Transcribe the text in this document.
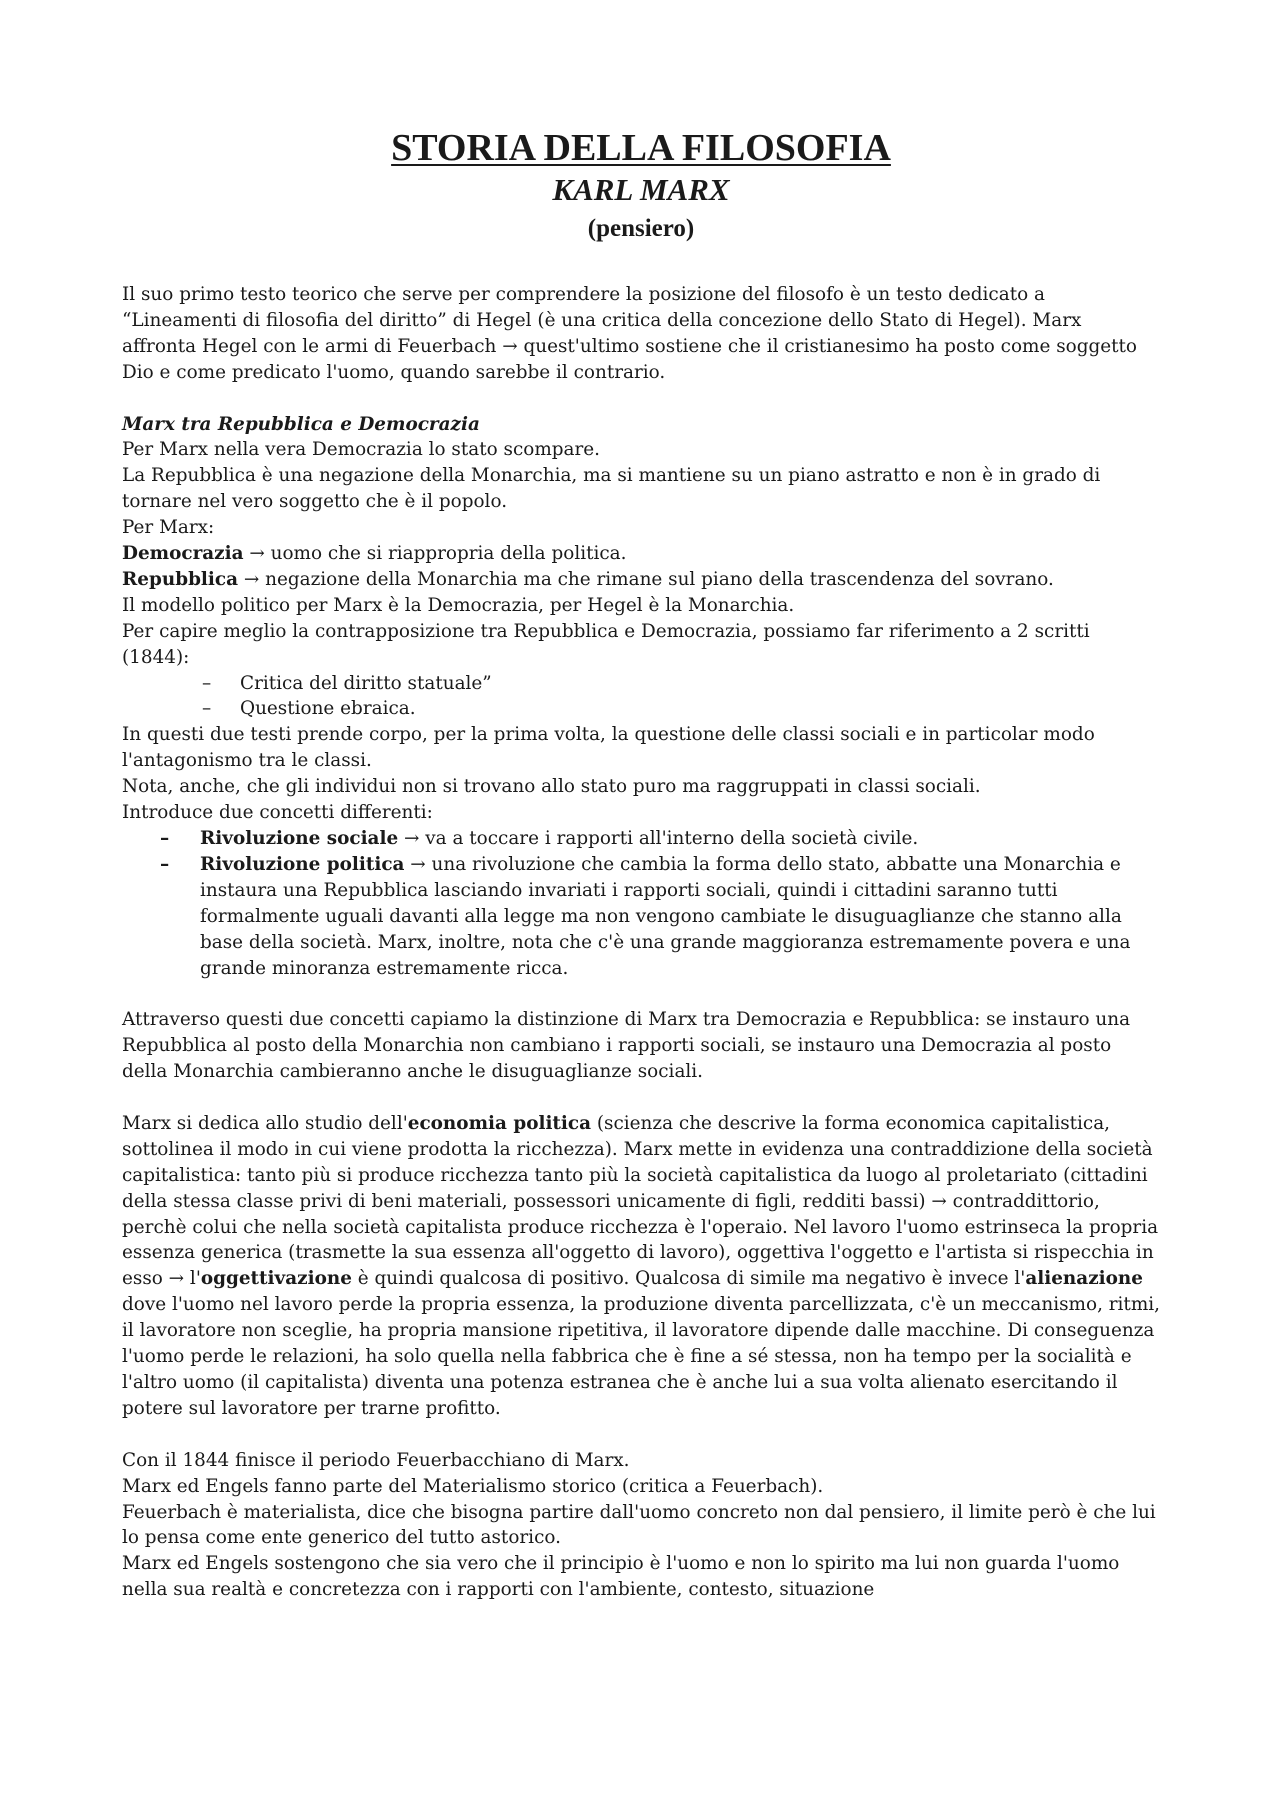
STORIA DELLA FILOSOFIA
KARL MARX
(pensiero)

Il suo primo testo teorico che serve per comprendere la posizione del filosofo è un testo dedicato a “Lineamenti di filosofia del diritto” di Hegel (è una critica della concezione dello Stato di Hegel). Marx affronta Hegel con le armi di Feuerbach → quest'ultimo sostiene che il cristianesimo ha posto come soggetto Dio e come predicato l'uomo, quando sarebbe il contrario.

Marx tra Repubblica e Democrazia

Per Marx nella vera Democrazia lo stato scompare.

La Repubblica è una negazione della Monarchia, ma si mantiene su un piano astratto e non è in grado di tornare nel vero soggetto che è il popolo.

Per Marx:

Democrazia → uomo che si riappropria della politica.

Repubblica → negazione della Monarchia ma che rimane sul piano della trascendenza del sovrano.

Il modello politico per Marx è la Democrazia, per Hegel è la Monarchia.

Per capire meglio la contrapposizione tra Repubblica e Democrazia, possiamo far riferimento a 2 scritti (1844):

– Critica del diritto statuale”
– Questione ebraica.

In questi due testi prende corpo, per la prima volta, la questione delle classi sociali e in particolar modo l'antagonismo tra le classi.

Nota, anche, che gli individui non si trovano allo stato puro ma raggruppati in classi sociali.

Introduce due concetti differenti:

– Rivoluzione sociale → va a toccare i rapporti all'interno della società civile.
– Rivoluzione politica → una rivoluzione che cambia la forma dello stato, abbatte una Monarchia e instaura una Repubblica lasciando invariati i rapporti sociali, quindi i cittadini saranno tutti formalmente uguali davanti alla legge ma non vengono cambiate le disuguaglianze che stanno alla base della società. Marx, inoltre, nota che c'è una grande maggioranza estremamente povera e una grande minoranza estremamente ricca.

Attraverso questi due concetti capiamo la distinzione di Marx tra Democrazia e Repubblica: se instauro una Repubblica al posto della Monarchia non cambiano i rapporti sociali, se instauro una Democrazia al posto della Monarchia cambieranno anche le disuguaglianze sociali.

Marx si dedica allo studio dell'economia politica (scienza che descrive la forma economica capitalistica, sottolinea il modo in cui viene prodotta la ricchezza). Marx mette in evidenza una contraddizione della società capitalistica: tanto più si produce ricchezza tanto più la società capitalistica da luogo al proletariato (cittadini della stessa classe privi di beni materiali, possessori unicamente di figli, redditi bassi) → contraddittorio, perchè colui che nella società capitalista produce ricchezza è l'operaio. Nel lavoro l'uomo estrinseca la propria essenza generica (trasmette la sua essenza all'oggetto di lavoro), oggettiva l'oggetto e l'artista si rispecchia in esso → l'oggettivazione è quindi qualcosa di positivo. Qualcosa di simile ma negativo è invece l'alienazione dove l'uomo nel lavoro perde la propria essenza, la produzione diventa parcellizzata, c'è un meccanismo, ritmi, il lavoratore non sceglie, ha propria mansione ripetitiva, il lavoratore dipende dalle macchine. Di conseguenza l'uomo perde le relazioni, ha solo quella nella fabbrica che è fine a sé stessa, non ha tempo per la socialità e l'altro uomo (il capitalista) diventa una potenza estranea che è anche lui a sua volta alienato esercitando il potere sul lavoratore per trarne profitto.

Con il 1844 finisce il periodo Feuerbacchiano di Marx.

Marx ed Engels fanno parte del Materialismo storico (critica a Feuerbach).

Feuerbach è materialista, dice che bisogna partire dall'uomo concreto non dal pensiero, il limite però è che lui lo pensa come ente generico del tutto astorico.

Marx ed Engels sostengono che sia vero che il principio è l'uomo e non lo spirito ma lui non guarda l'uomo nella sua realtà e concretezza con i rapporti con l'ambiente, contesto, situazione
